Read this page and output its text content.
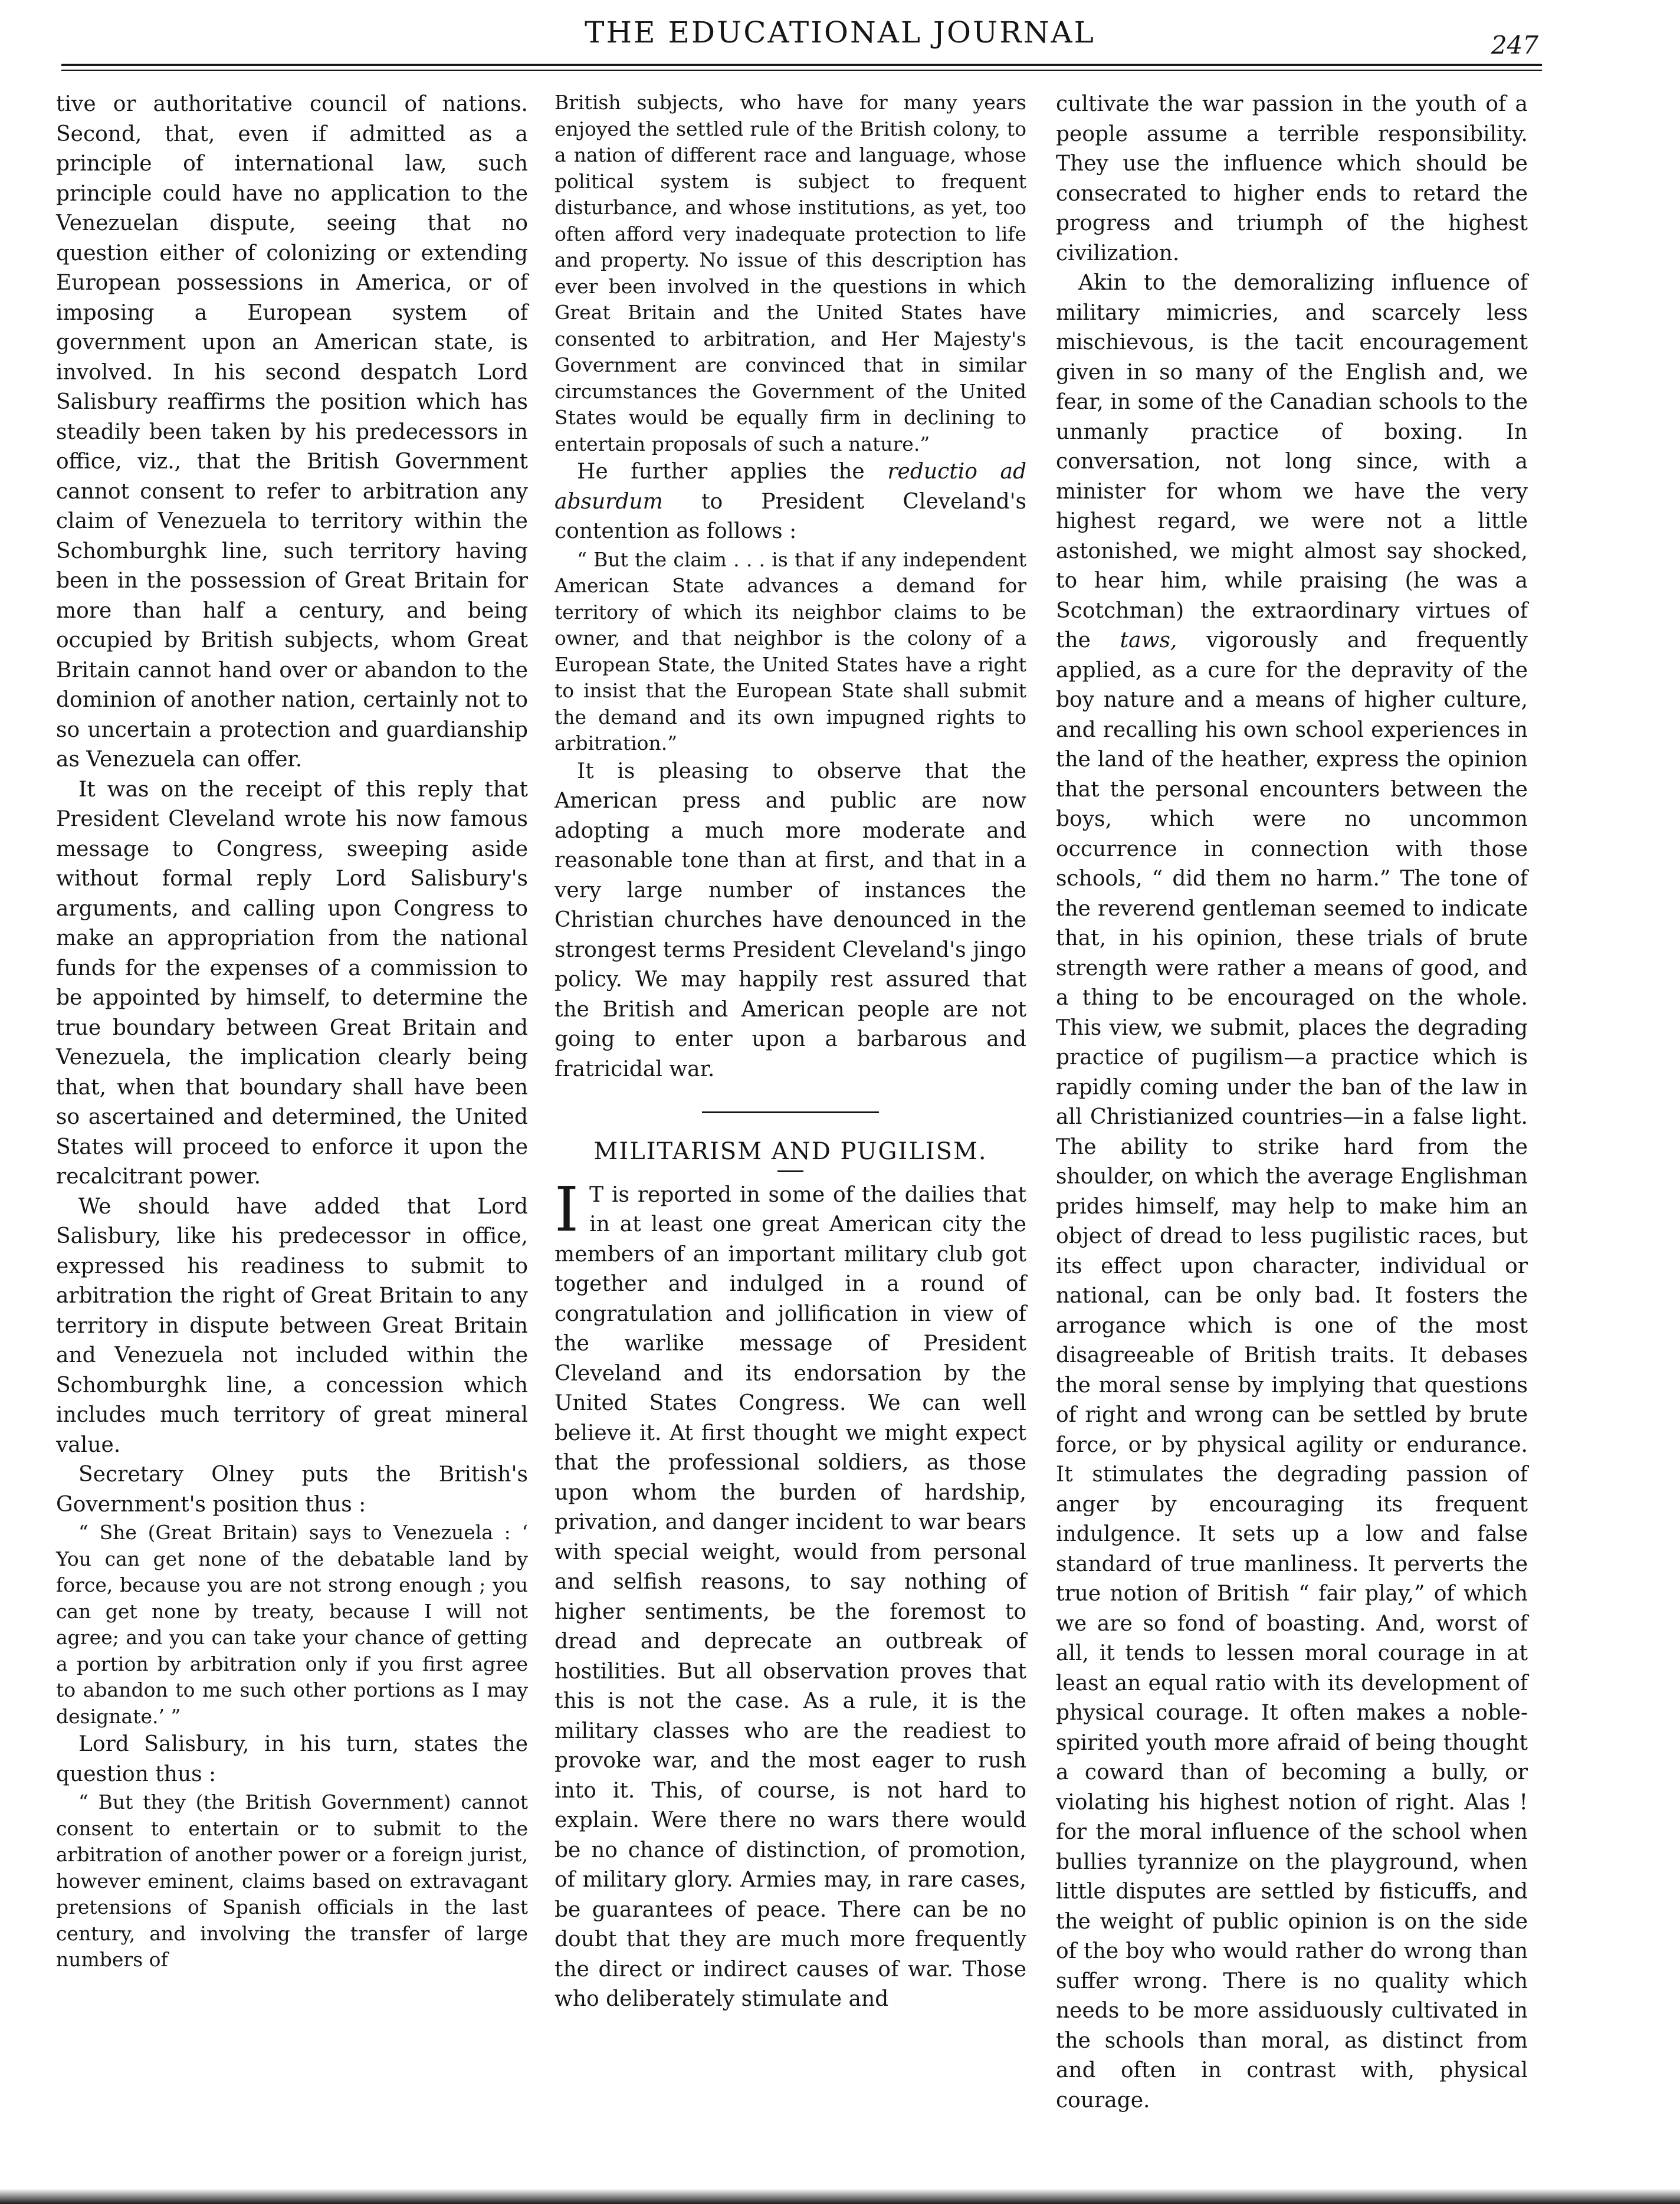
THE EDUCATIONAL JOURNAL	247

tive or authoritative council of nations. Second, that, even if admitted as a principle of international law, such principle could have no application to the Venezuelan dispute, seeing that no question either of colonizing or extending European possessions in America, or of imposing a European system of government upon an American state, is involved. In his second despatch Lord Salisbury reaffirms the position which has steadily been taken by his predecessors in office, viz., that the British Government cannot consent to refer to arbitration any claim of Venezuela to territory within the Schomburghk line, such territory having been in the possession of Great Britain for more than half a century, and being occupied by British subjects, whom Great Britain cannot hand over or abandon to the dominion of another nation, certainly not to so uncertain a protection and guardianship as Venezuela can offer.

It was on the receipt of this reply that President Cleveland wrote his now famous message to Congress, sweeping aside without formal reply Lord Salisbury's arguments, and calling upon Congress to make an appropriation from the national funds for the expenses of a commission to be appointed by himself, to determine the true boundary between Great Britain and Venezuela, the implication clearly being that, when that boundary shall have been so ascertained and determined, the United States will proceed to enforce it upon the recalcitrant power.

We should have added that Lord Salisbury, like his predecessor in office, expressed his readiness to submit to arbitration the right of Great Britain to any territory in dispute between Great Britain and Venezuela not included within the Schomburghk line, a concession which includes much territory of great mineral value.

Secretary Olney puts the British's Government's position thus :

“ She (Great Britain) says to Venezuela : ‘ You can get none of the debatable land by force, because you are not strong enough ; you can get none by treaty, because I will not agree; and you can take your chance of getting a portion by arbitration only if you first agree to abandon to me such other portions as I may designate.’ ”

Lord Salisbury, in his turn, states the question thus :

“ But they (the British Government) cannot consent to entertain or to submit to the arbitration of another power or a foreign jurist, however eminent, claims based on extravagant pretensions of Spanish officials in the last century, and involving the transfer of large numbers of

British subjects, who have for many years enjoyed the settled rule of the British colony, to a nation of different race and language, whose political system is subject to frequent disturbance, and whose institutions, as yet, too often afford very inadequate protection to life and property. No issue of this description has ever been involved in the questions in which Great Britain and the United States have consented to arbitration, and Her Majesty's Government are convinced that in similar circumstances the Government of the United States would be equally firm in declining to entertain proposals of such a nature.”

He further applies the reductio ad absurdum to President Cleveland's contention as follows :

“ But the claim . . . is that if any independent American State advances a demand for territory of which its neighbor claims to be owner, and that neighbor is the colony of a European State, the United States have a right to insist that the European State shall submit the demand and its own impugned rights to arbitration.”

It is pleasing to observe that the American press and public are now adopting a much more moderate and reasonable tone than at first, and that in a very large number of instances the Christian churches have denounced in the strongest terms President Cleveland's jingo policy. We may happily rest assured that the British and American people are not going to enter upon a barbarous and fratricidal war.

MILITARISM AND PUGILISM.

I T is reported in some of the dailies that in at least one great American city the members of an important military club got together and indulged in a round of congratulation and jollification in view of the warlike message of President Cleveland and its endorsation by the United States Congress. We can well believe it. At first thought we might expect that the professional soldiers, as those upon whom the burden of hardship, privation, and danger incident to war bears with special weight, would from personal and selfish reasons, to say nothing of higher sentiments, be the foremost to dread and deprecate an outbreak of hostilities. But all observation proves that this is not the case. As a rule, it is the military classes who are the readiest to provoke war, and the most eager to rush into it. This, of course, is not hard to explain. Were there no wars there would be no chance of distinction, of promotion, of military glory. Armies may, in rare cases, be guarantees of peace. There can be no doubt that they are much more frequently the direct or indirect causes of war. Those who deliberately stimulate and

cultivate the war passion in the youth of a people assume a terrible responsibility. They use the influence which should be consecrated to higher ends to retard the progress and triumph of the highest civilization.

Akin to the demoralizing influence of military mimicries, and scarcely less mischievous, is the tacit encouragement given in so many of the English and, we fear, in some of the Canadian schools to the unmanly practice of boxing. In conversation, not long since, with a minister for whom we have the very highest regard, we were not a little astonished, we might almost say shocked, to hear him, while praising (he was a Scotchman) the extraordinary virtues of the taws, vigorously and frequently applied, as a cure for the depravity of the boy nature and a means of higher culture, and recalling his own school experiences in the land of the heather, express the opinion that the personal encounters between the boys, which were no uncommon occurrence in connection with those schools, “ did them no harm.” The tone of the reverend gentleman seemed to indicate that, in his opinion, these trials of brute strength were rather a means of good, and a thing to be encouraged on the whole. This view, we submit, places the degrading practice of pugilism—a practice which is rapidly coming under the ban of the law in all Christianized countries—in a false light. The ability to strike hard from the shoulder, on which the average Englishman prides himself, may help to make him an object of dread to less pugilistic races, but its effect upon character, individual or national, can be only bad. It fosters the arrogance which is one of the most disagreeable of British traits. It debases the moral sense by implying that questions of right and wrong can be settled by brute force, or by physical agility or endurance. It stimulates the degrading passion of anger by encouraging its frequent indulgence. It sets up a low and false standard of true manliness. It perverts the true notion of British “ fair play,” of which we are so fond of boasting. And, worst of all, it tends to lessen moral courage in at least an equal ratio with its development of physical courage. It often makes a noble-spirited youth more afraid of being thought a coward than of becoming a bully, or violating his highest notion of right. Alas ! for the moral influence of the school when bullies tyrannize on the playground, when little disputes are settled by fisticuffs, and the weight of public opinion is on the side of the boy who would rather do wrong than suffer wrong. There is no quality which needs to be more assiduously cultivated in the schools than moral, as distinct from and often in contrast with, physical courage.
